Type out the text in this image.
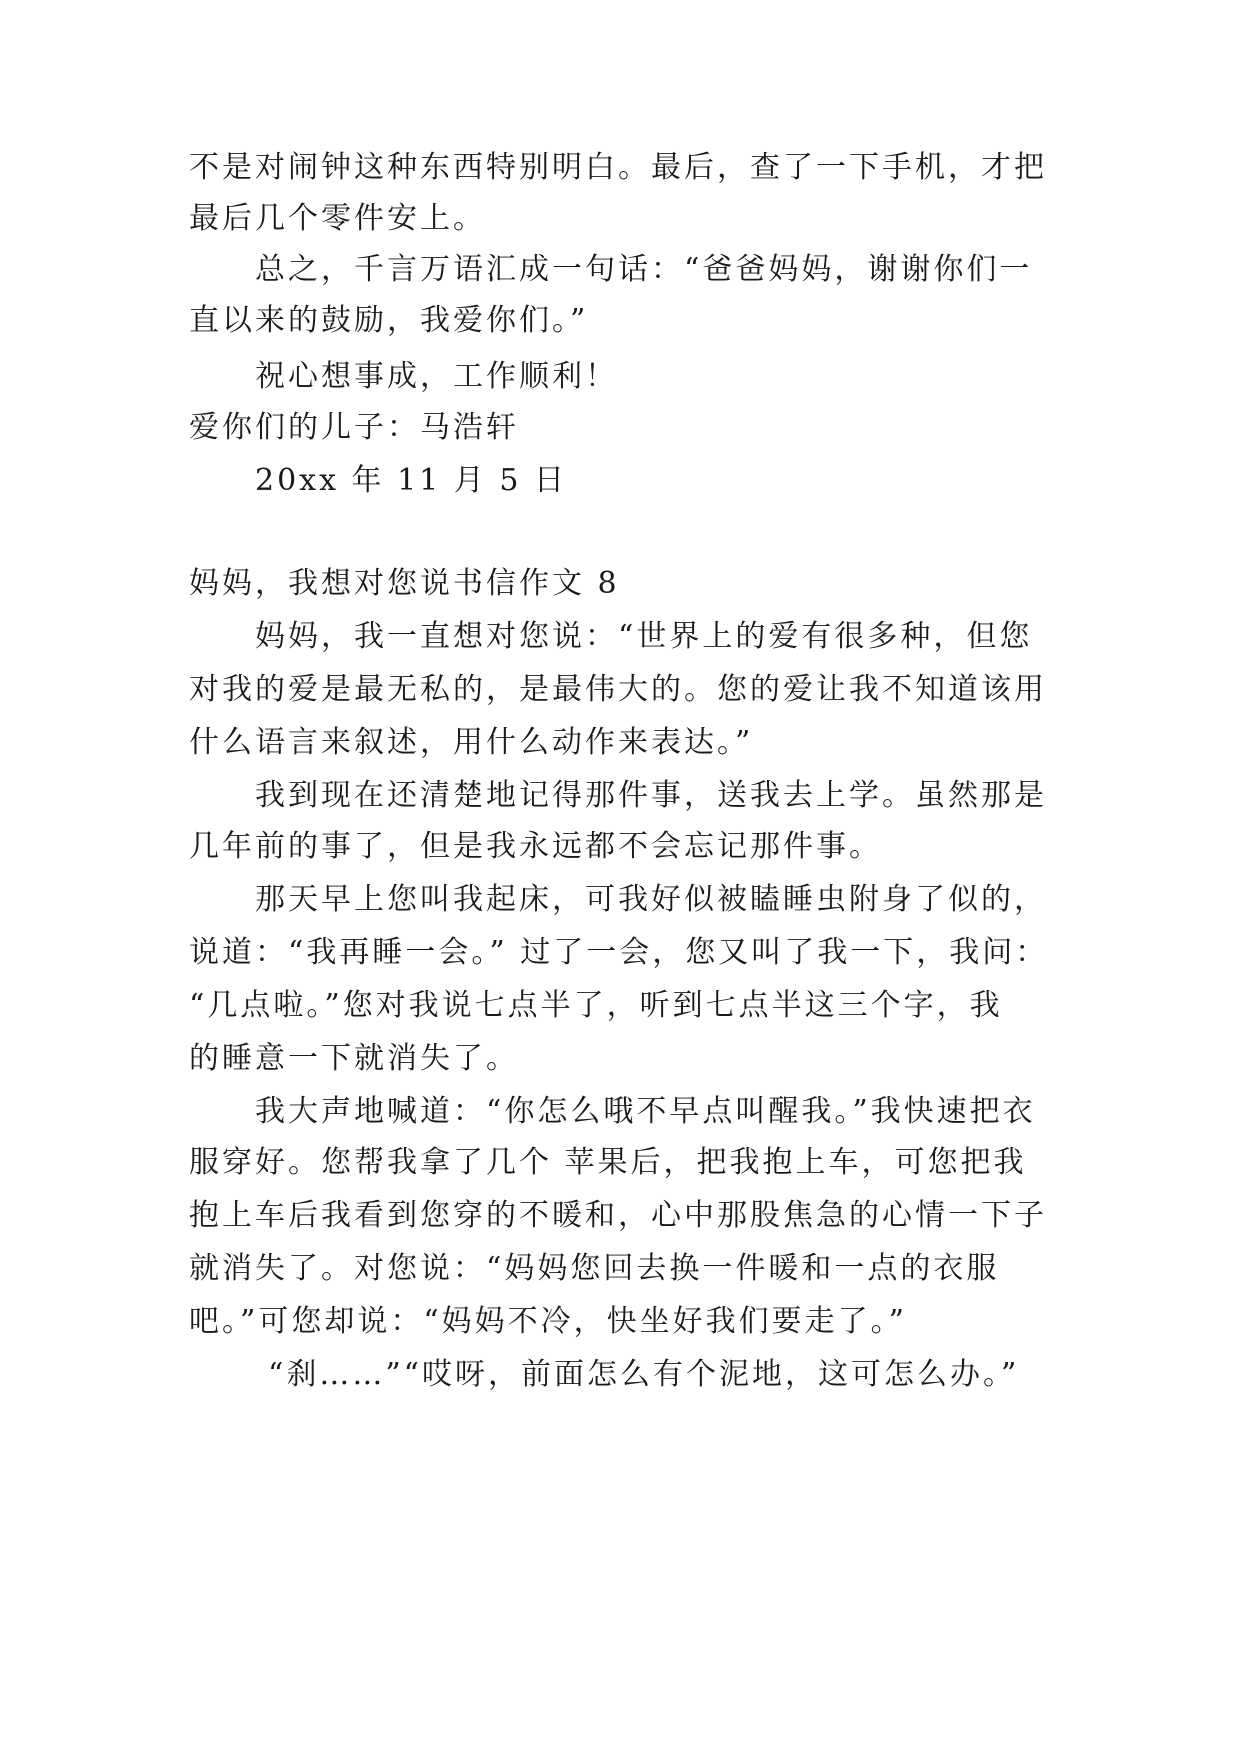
不是对闹钟这种东西特别明白。最后，查了一下手机，才把
最后几个零件安上。
总之，千言万语汇成一句话：“爸爸妈妈，谢谢你们一
直以来的鼓励，我爱你们。”
祝心想事成，工作顺利！
爱你们的儿子：马浩轩
20xx 年 11 月 5 日
妈妈，我想对您说书信作文 8
妈妈，我一直想对您说：“世界上的爱有很多种，但您
对我的爱是最无私的，是最伟大的。您的爱让我不知道该用
什么语言来叙述，用什么动作来表达。”
我到现在还清楚地记得那件事，送我去上学。虽然那是
几年前的事了，但是我永远都不会忘记那件事。
那天早上您叫我起床，可我好似被瞌睡虫附身了似的，
说道：“我再睡一会。” 过了一会，您又叫了我一下，我问：
“几点啦。”您对我说七点半了，听到七点半这三个字，我
的睡意一下就消失了。
我大声地喊道：“你怎么哦不早点叫醒我。”我快速把衣
服穿好。您帮我拿了几个 苹果后，把我抱上车，可您把我
抱上车后我看到您穿的不暖和，心中那股焦急的心情一下子
就消失了。对您说：“妈妈您回去换一件暖和一点的衣服
吧。”可您却说：“妈妈不冷，快坐好我们要走了。”
“刹……”“哎呀，前面怎么有个泥地，这可怎么办。”
